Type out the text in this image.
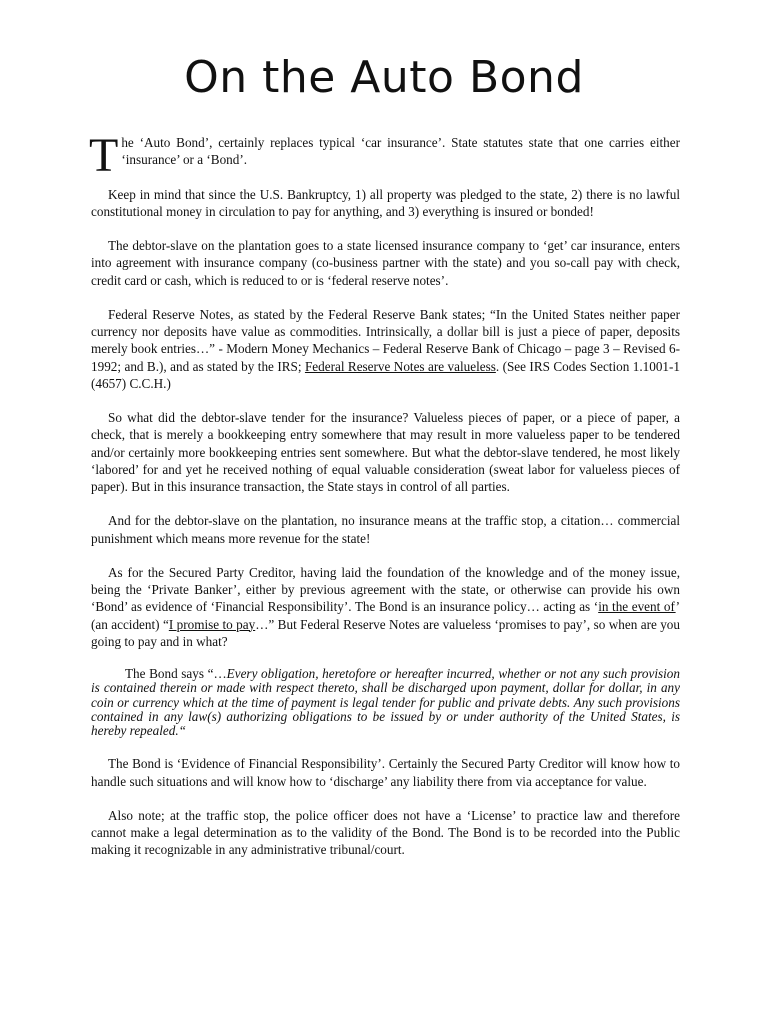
On the Auto Bond

The ‘Auto Bond’, certainly replaces typical ‘car insurance’. State statutes state that one carries either ‘insurance’ or a ‘Bond’.

Keep in mind that since the U.S. Bankruptcy, 1) all property was pledged to the state, 2) there is no lawful constitutional money in circulation to pay for anything, and 3) everything is insured or bonded!

The debtor-slave on the plantation goes to a state licensed insurance company to ‘get’ car insurance, enters into agreement with insurance company (co-business partner with the state) and you so-call pay with check, credit card or cash, which is reduced to or is ‘federal reserve notes’.

Federal Reserve Notes, as stated by the Federal Reserve Bank states; “In the United States neither paper currency nor deposits have value as commodities. Intrinsically, a dollar bill is just a piece of paper, deposits merely book entries…” - Modern Money Mechanics – Federal Reserve Bank of Chicago – page 3 – Revised 6-1992; and B.), and as stated by the IRS; Federal Reserve Notes are valueless. (See IRS Codes Section 1.1001-1 (4657) C.C.H.)

So what did the debtor-slave tender for the insurance? Valueless pieces of paper, or a piece of paper, a check, that is merely a bookkeeping entry somewhere that may result in more valueless paper to be tendered and/or certainly more bookkeeping entries sent somewhere. But what the debtor-slave tendered, he most likely ‘labored’ for and yet he received nothing of equal valuable consideration (sweat labor for valueless pieces of paper). But in this insurance transaction, the State stays in control of all parties.

And for the debtor-slave on the plantation, no insurance means at the traffic stop, a citation… commercial punishment which means more revenue for the state!

As for the Secured Party Creditor, having laid the foundation of the knowledge and of the money issue, being the ‘Private Banker’, either by previous agreement with the state, or otherwise can provide his own ‘Bond’ as evidence of ‘Financial Responsibility’. The Bond is an insurance policy… acting as ‘in the event of’ (an accident) “I promise to pay…” But Federal Reserve Notes are valueless ‘promises to pay’, so when are you going to pay and in what?

The Bond says “…Every obligation, heretofore or hereafter incurred, whether or not any such provision is contained therein or made with respect thereto, shall be discharged upon payment, dollar for dollar, in any coin or currency which at the time of payment is legal tender for public and private debts. Any such provisions contained in any law(s) authorizing obligations to be issued by or under authority of the United States, is hereby repealed.“

The Bond is ‘Evidence of Financial Responsibility’. Certainly the Secured Party Creditor will know how to handle such situations and will know how to ‘discharge’ any liability there from via acceptance for value.

Also note; at the traffic stop, the police officer does not have a ‘License’ to practice law and therefore cannot make a legal determination as to the validity of the Bond. The Bond is to be recorded into the Public making it recognizable in any administrative tribunal/court.
